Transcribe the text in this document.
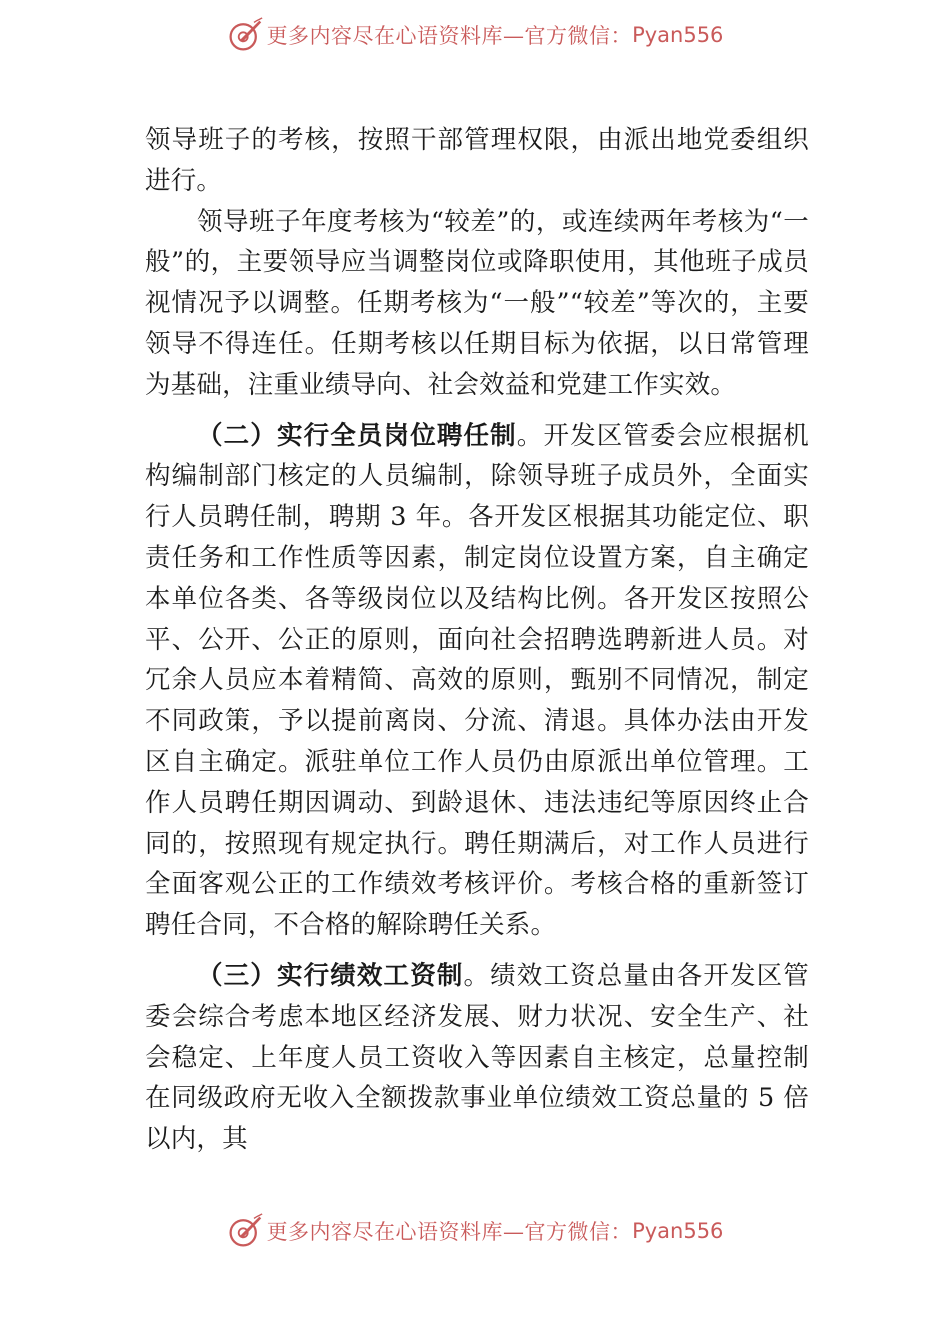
更多内容尽在心语资料库—官方微信： Pyan556

领导班子的考核，按照干部管理权限，由派出地党委组织进行。

领导班子年度考核为“较差”的，或连续两年考核为“一般”的，主要领导应当调整岗位或降职使用，其他班子成员视情况予以调整。任期考核为“一般”“较差”等次的，主要领导不得连任。任期考核以任期目标为依据，以日常管理为基础，注重业绩导向、社会效益和党建工作实效。

（二）实行全员岗位聘任制。开发区管委会应根据机构编制部门核定的人员编制，除领导班子成员外，全面实行人员聘任制，聘期 3 年。各开发区根据其功能定位、职责任务和工作性质等因素，制定岗位设置方案，自主确定本单位各类、各等级岗位以及结构比例。各开发区按照公平、公开、公正的原则，面向社会招聘选聘新进人员。对冗余人员应本着精简、高效的原则，甄别不同情况，制定不同政策，予以提前离岗、分流、清退。具体办法由开发区自主确定。派驻单位工作人员仍由原派出单位管理。工作人员聘任期因调动、到龄退休、违法违纪等原因终止合同的，按照现有规定执行。聘任期满后，对工作人员进行全面客观公正的工作绩效考核评价。考核合格的重新签订聘任合同，不合格的解除聘任关系。

（三）实行绩效工资制。绩效工资总量由各开发区管委会综合考虑本地区经济发展、财力状况、安全生产、社会稳定、上年度人员工资收入等因素自主核定，总量控制在同级政府无收入全额拨款事业单位绩效工资总量的 5 倍以内，其

更多内容尽在心语资料库—官方微信： Pyan556
